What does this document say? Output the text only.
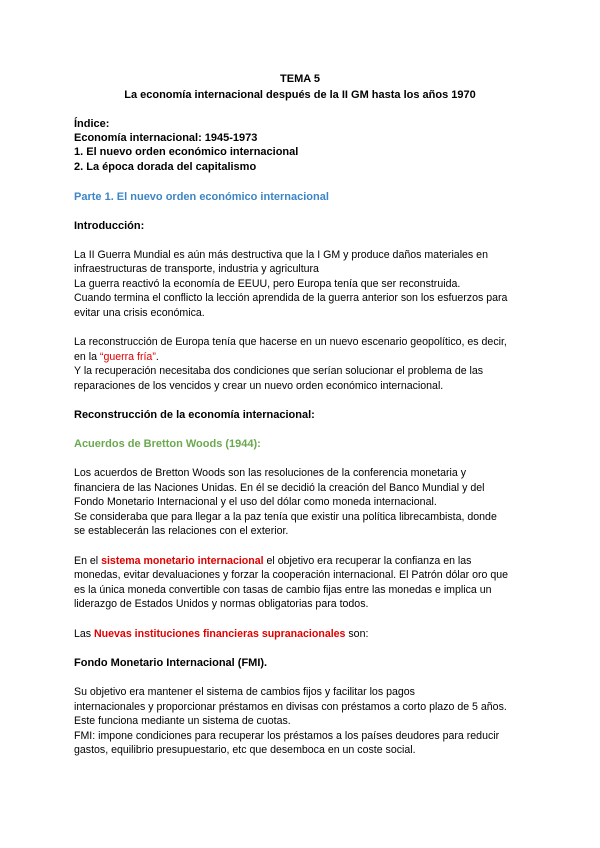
TEMA 5

La economía internacional después de la II GM hasta los años 1970

Índice:

Economía internacional: 1945-1973

1. El nuevo orden económico internacional

2. La época dorada del capitalismo

Parte 1. El nuevo orden económico internacional

Introducción:

La II Guerra Mundial es aún más destructiva que la I GM y produce daños materiales en

infraestructuras de transporte, industria y agricultura

La guerra reactivó la economía de EEUU, pero Europa tenía que ser reconstruida.

Cuando termina el conflicto la lección aprendida de la guerra anterior son los esfuerzos para

evitar una crisis económica.

La reconstrucción de Europa tenía que hacerse en un nuevo escenario geopolítico, es decir,

en la “guerra fría”.

Y la recuperación necesitaba dos condiciones que serían solucionar el problema de las

reparaciones de los vencidos y crear un nuevo orden económico internacional.

Reconstrucción de la economía internacional:

Acuerdos de Bretton Woods (1944):

Los acuerdos de Bretton Woods son las resoluciones de la conferencia monetaria y

financiera de las Naciones Unidas. En él se decidió la creación del Banco Mundial y del

Fondo Monetario Internacional y el uso del dólar como moneda internacional.

Se consideraba que para llegar a la paz tenía que existir una política librecambista, donde

se establecerán las relaciones con el exterior.

En el sistema monetario internacional el objetivo era recuperar la confianza en las

monedas, evitar devaluaciones y forzar la cooperación internacional. El Patrón dólar oro que

es la única moneda convertible con tasas de cambio fijas entre las monedas e implica un

liderazgo de Estados Unidos y normas obligatorias para todos.

Las Nuevas instituciones financieras supranacionales son:

Fondo Monetario Internacional (FMI).

Su objetivo era mantener el sistema de cambios fijos y facilitar los pagos

internacionales y proporcionar préstamos en divisas con préstamos a corto plazo de 5 años.

Este funciona mediante un sistema de cuotas.

FMI: impone condiciones para recuperar los préstamos a los países deudores para reducir

gastos, equilibrio presupuestario, etc que desemboca en un coste social.
